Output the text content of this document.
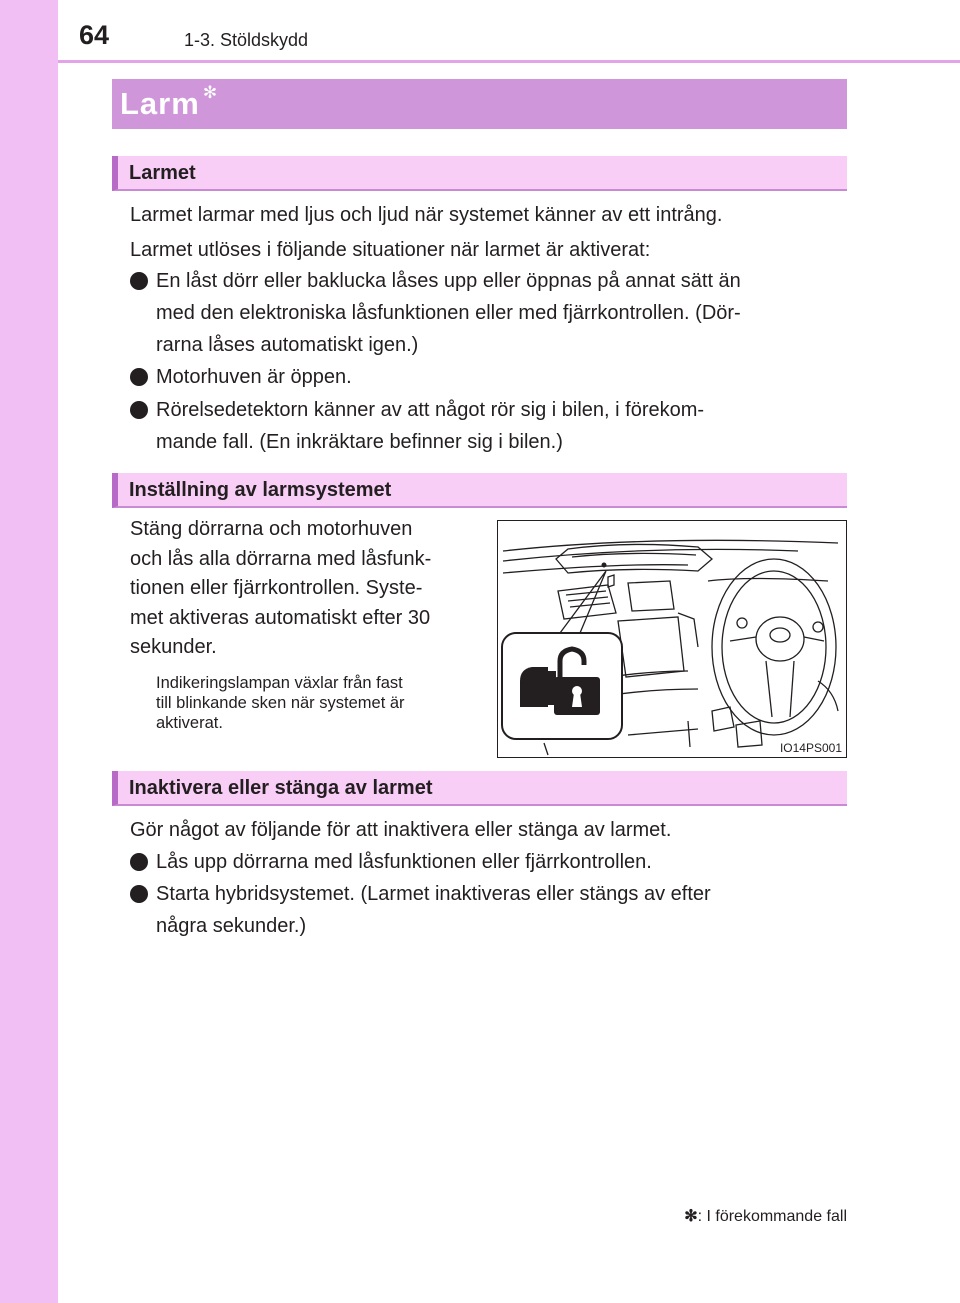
64	1-3. Stöldskydd
Larm ✻
Larmet
Larmet larmar med ljus och ljud när systemet känner av ett intrång.
Larmet utlöses i följande situationer när larmet är aktiverat:
En låst dörr eller baklucka låses upp eller öppnas på annat sätt än
med den elektroniska låsfunktionen eller med fjärrkontrollen. (Dör-
rarna låses automatiskt igen.)
Motorhuven är öppen.
Rörelsedetektorn känner av att något rör sig i bilen, i förekom-
mande fall. (En inkräktare befinner sig i bilen.)
Inställning av larmsystemet
Stäng dörrarna och motorhuven
och lås alla dörrarna med låsfunk-
tionen eller fjärrkontrollen. Syste-
met aktiveras automatiskt efter 30
sekunder.
Indikeringslampan växlar från fast
till blinkande sken när systemet är
aktiverat.
IO14PS001
Inaktivera eller stänga av larmet
Gör något av följande för att inaktivera eller stänga av larmet.
Lås upp dörrarna med låsfunktionen eller fjärrkontrollen.
Starta hybridsystemet. (Larmet inaktiveras eller stängs av efter
några sekunder.)
✻: I förekommande fall
